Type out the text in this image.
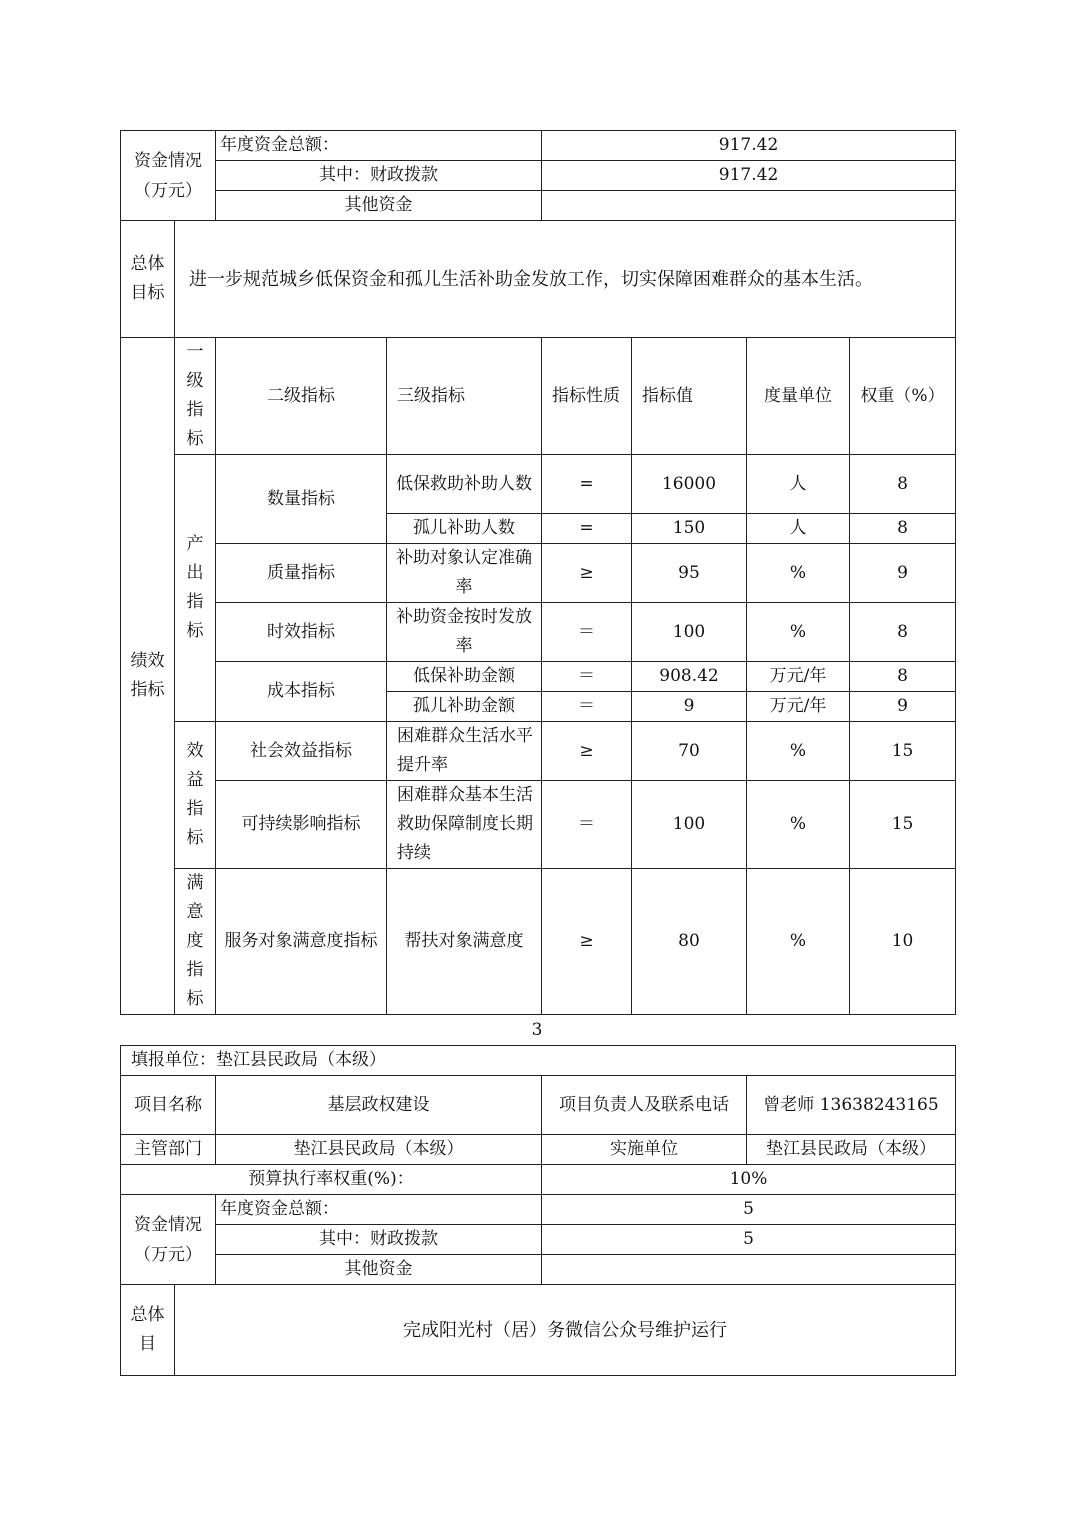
资金情况（万元）		年度资金总额：		917.42			
		其中：财政拨款		917.42			
		其他资金					
总体目标	进一步规范城乡低保资金和孤儿生活补助金发放工作，切实保障困难群众的基本生活。						
绩效指标	一级指标	二级指标	三级指标	指标性质	指标值	度量单位	权重（%）
	产出指标	数量指标	低保救助补助人数	=	16000	人	8
			孤儿补助人数	=	150	人	8
		质量指标	补助对象认定准确率	≥	95	%	9
		时效指标	补助资金按时发放率	＝	100	%	8
		成本指标	低保补助金额	＝	908.42	万元/年	8
			孤儿补助金额	＝	9	万元/年	9
	效益指标	社会效益指标	困难群众生活水平提升率	≥	70	%	15
		可持续影响指标	困难群众基本生活救助保障制度长期持续	＝	100	%	15
	满意度指标	服务对象满意度指标	帮扶对象满意度	≥	80	%	10
3
填报单位：垫江县民政局（本级）				
项目名称		基层政权建设	项目负责人及联系电话	曾老师 13638243165
主管部门		垫江县民政局（本级）	实施单位	垫江县民政局（本级）
预算执行率权重(%)：			10%	
资金情况（万元）		年度资金总额：	5	
		其中：财政拨款	5	
		其他资金		
总体目	完成阳光村（居）务微信公众号维护运行			
